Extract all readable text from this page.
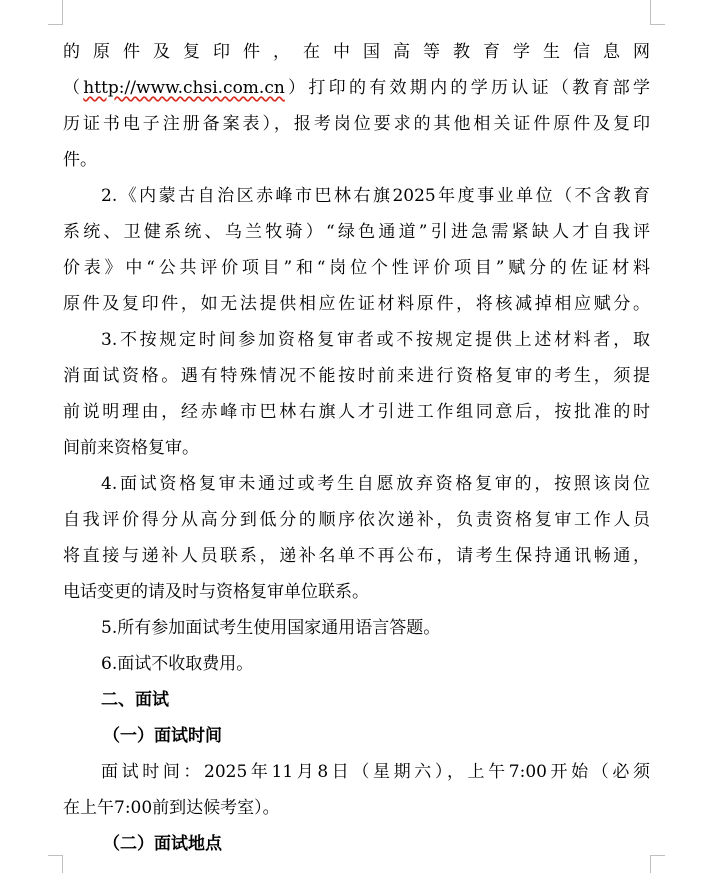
的原件及复印件，在中国高等教育学生信息网
（http://www.chsi.com.cn）打印的有效期内的学历认证（教育部学
历证书电子注册备案表），报考岗位要求的其他相关证件原件及复印
件。
2.《内蒙古自治区赤峰市巴林右旗2025年度事业单位（不含教育
系统、卫健系统、乌兰牧骑）“绿色通道”引进急需紧缺人才自我评
价表》中“公共评价项目”和“岗位个性评价项目”赋分的佐证材料
原件及复印件，如无法提供相应佐证材料原件，将核减掉相应赋分。
3.不按规定时间参加资格复审者或不按规定提供上述材料者，取
消面试资格。遇有特殊情况不能按时前来进行资格复审的考生，须提
前说明理由，经赤峰市巴林右旗人才引进工作组同意后，按批准的时
间前来资格复审。
4.面试资格复审未通过或考生自愿放弃资格复审的，按照该岗位
自我评价得分从高分到低分的顺序依次递补，负责资格复审工作人员
将直接与递补人员联系，递补名单不再公布，请考生保持通讯畅通，
电话变更的请及时与资格复审单位联系。
5.所有参加面试考生使用国家通用语言答题。
6.面试不收取费用。
二、面试
（一）面试时间
面试时间：2025年11月8日（星期六），上午7:00开始（必须
在上午7:00前到达候考室）。
（二）面试地点
